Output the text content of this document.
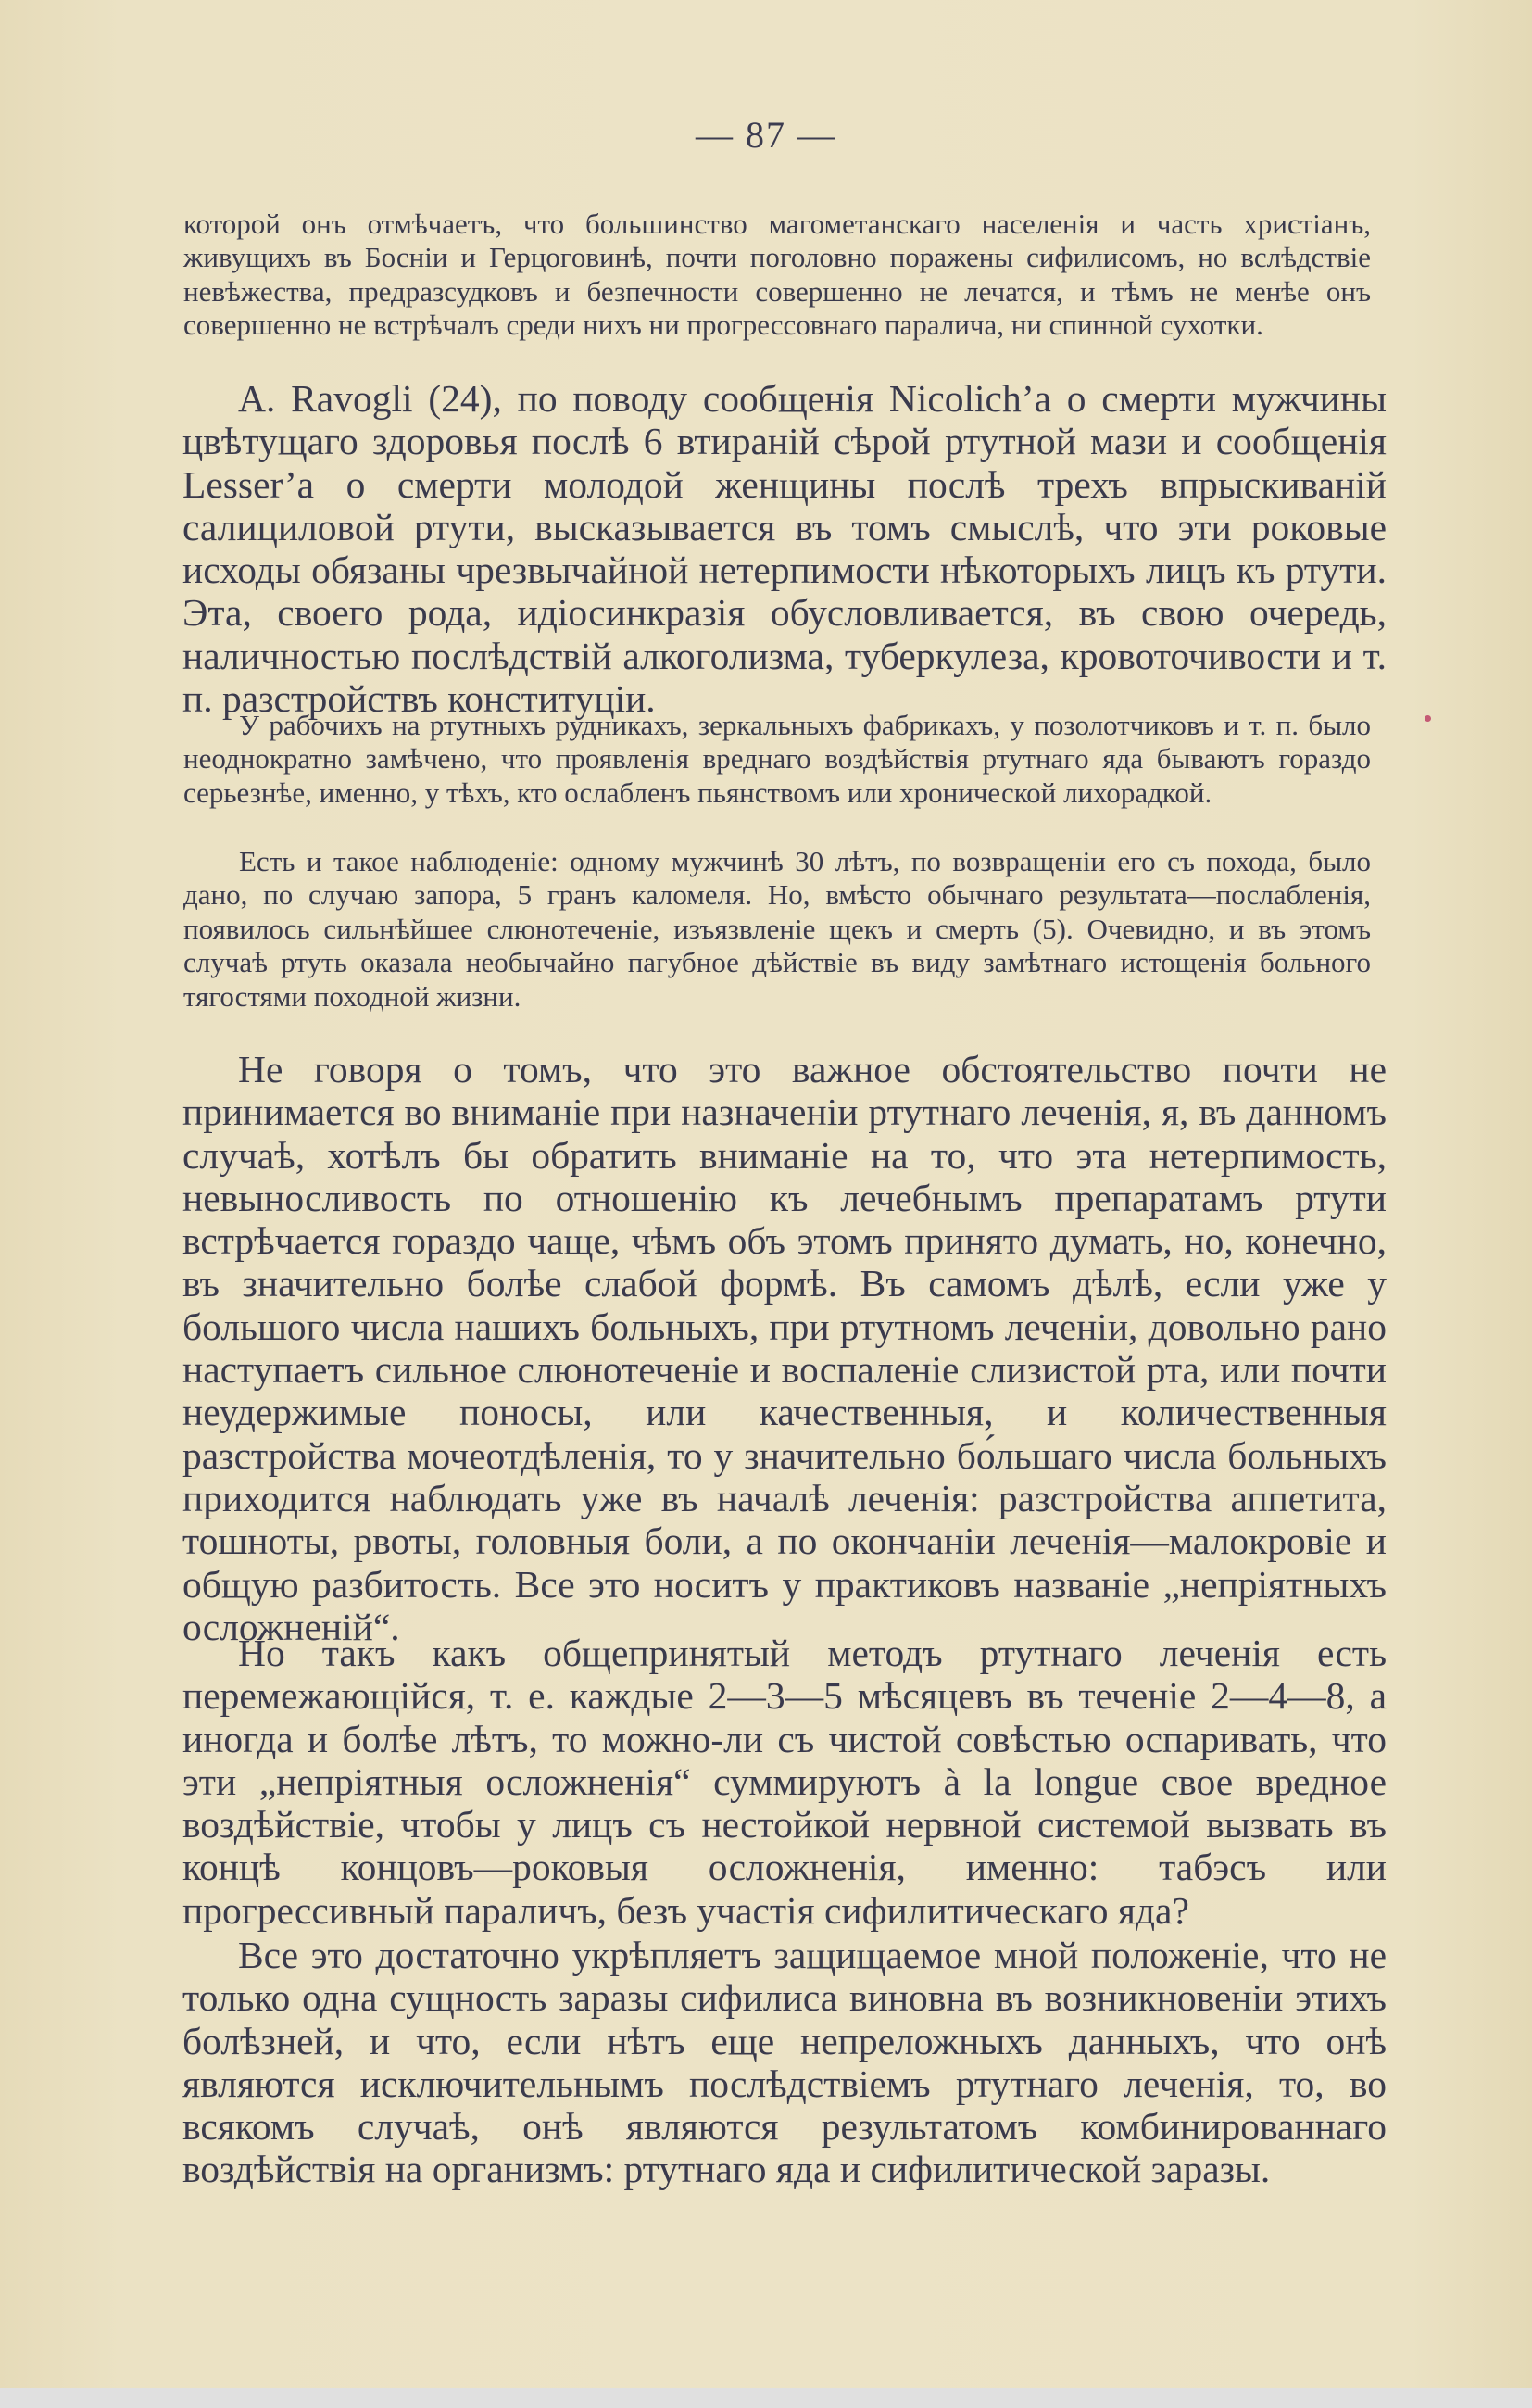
— 87 —

которой онъ отмѣчаетъ, что большинство магометанскаго населенія и часть христіанъ, живущихъ въ Босніи и Герцоговинѣ, почти поголовно поражены сифилисомъ, но вслѣдствіе невѣжества, предразсудковъ и безпечности совершенно не лечатся, и тѣмъ не менѣе онъ совершенно не встрѣчалъ среди нихъ ни прогрессовнаго паралича, ни спинной сухотки.

A. Ravogli (24), по поводу сообщенія Nicolich’a о смерти мужчины цвѣтущаго здоровья послѣ 6 втираній сѣрой ртутной мази и сообщенія Lesser’a о смерти молодой женщины послѣ трехъ впрыскиваній салициловой ртути, высказывается въ томъ смыслѣ, что эти роковые исходы обязаны чрезвычайной нетерпимости нѣкоторыхъ лицъ къ ртути. Эта, своего рода, идіосинкразія обусловливается, въ свою очередь, наличностью послѣдствій алкоголизма, туберкулеза, кровоточивости и т. п. разстройствъ конституціи.

У рабочихъ на ртутныхъ рудникахъ, зеркальныхъ фабрикахъ, у позолотчиковъ и т. п. было неоднократно замѣчено, что проявленія вреднаго воздѣйствія ртутнаго яда бываютъ гораздо серьезнѣе, именно, у тѣхъ, кто ослабленъ пьянствомъ или хронической лихорадкой.

Есть и такое наблюденіе: одному мужчинѣ 30 лѣтъ, по возвращеніи его съ похода, было дано, по случаю запора, 5 гранъ каломеля. Но, вмѣсто обычнаго результата—послабленія, появилось сильнѣйшее слюнотеченіе, изъязвленіе щекъ и смерть (5). Очевидно, и въ этомъ случаѣ ртуть оказала необычайно пагубное дѣйствіе въ виду замѣтнаго истощенія больного тягостями походной жизни.

Не говоря о томъ, что это важное обстоятельство почти не принимается во вниманіе при назначеніи ртутнаго леченія, я, въ данномъ случаѣ, хотѣлъ бы обратить вниманіе на то, что эта нетерпимость, невыносливость по отношенію къ лечебнымъ препаратамъ ртути встрѣчается гораздо чаще, чѣмъ объ этомъ принято думать, но, конечно, въ значительно болѣе слабой формѣ. Въ самомъ дѣлѣ, если уже у большого числа нашихъ больныхъ, при ртутномъ леченіи, довольно рано наступаетъ сильное слюнотеченіе и воспаленіе слизистой рта, или почти неудержимые поносы, или качественныя, и количественныя разстройства мочеотдѣленія, то у значительно бо́льшаго числа больныхъ приходится наблюдать уже въ началѣ леченія: разстройства аппетита, тошноты, рвоты, головныя боли, а по окончаніи леченія—малокровіе и общую разбитость. Все это носитъ у практиковъ названіе „непріятныхъ осложненій“.

Но такъ какъ общепринятый методъ ртутнаго леченія есть перемежающійся, т. е. каждые 2—3—5 мѣсяцевъ въ теченіе 2—4—8, а иногда и болѣе лѣтъ, то можно-ли съ чистой совѣстью оспаривать, что эти „непріятныя осложненія“ суммируютъ à la longue свое вредное воздѣйствіе, чтобы у лицъ съ нестойкой нервной системой вызвать въ концѣ концовъ—роковыя осложненія, именно: табэсъ или прогрессивный параличъ, безъ участія сифилитическаго яда?

Все это достаточно укрѣпляетъ защищаемое мной положеніе, что не только одна сущность заразы сифилиса виновна въ возникновеніи этихъ болѣзней, и что, если нѣтъ еще непреложныхъ данныхъ, что онѣ являются исключительнымъ послѣдствіемъ ртутнаго леченія, то, во всякомъ случаѣ, онѣ являются результатомъ комбинированнаго воздѣйствія на организмъ: ртутнаго яда и сифилитической заразы.
